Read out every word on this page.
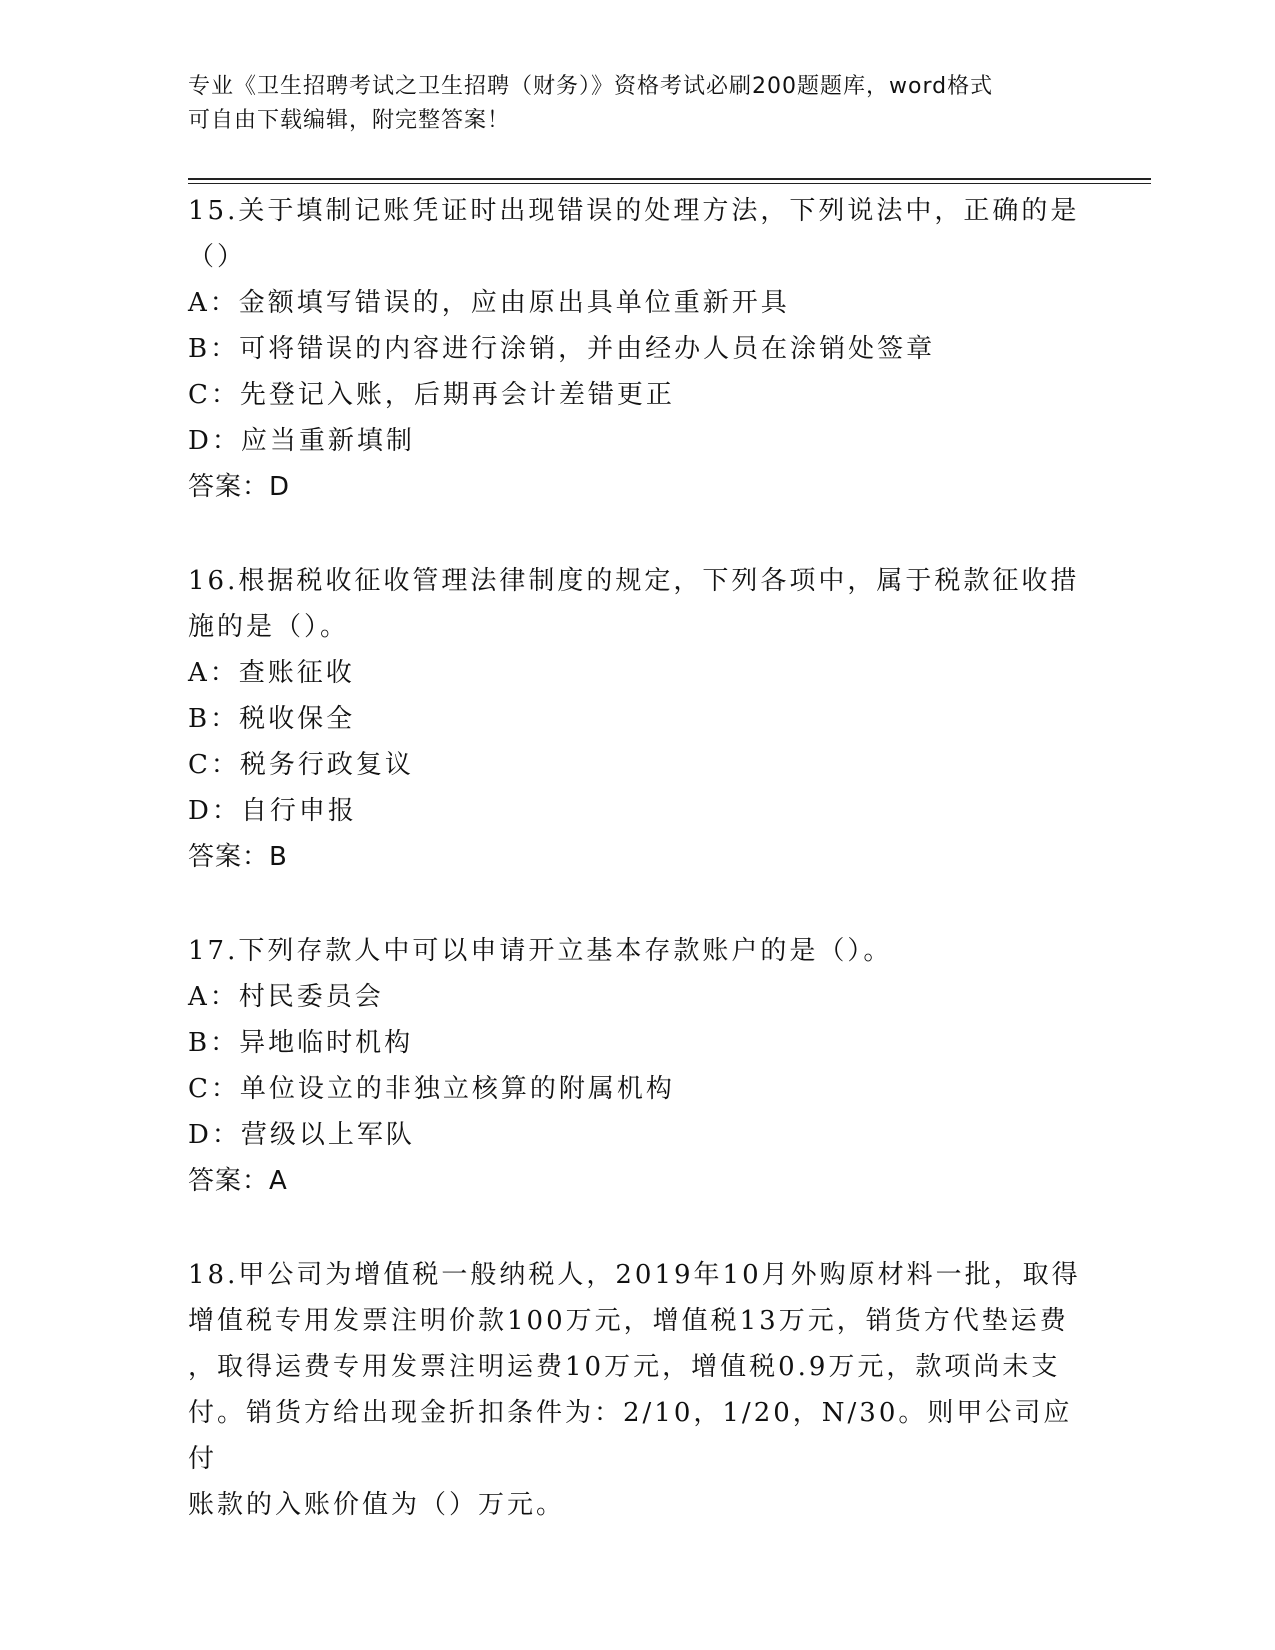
专业《卫生招聘考试之卫生招聘（财务）》资格考试必刷200题题库，word格式
可自由下载编辑，附完整答案！

15.关于填制记账凭证时出现错误的处理方法，下列说法中，正确的是

（）

A：金额填写错误的，应由原出具单位重新开具

B：可将错误的内容进行涂销，并由经办人员在涂销处签章

C：先登记入账，后期再会计差错更正

D：应当重新填制

答案：D

16.根据税收征收管理法律制度的规定，下列各项中，属于税款征收措

施的是（）。

A：查账征收

B：税收保全

C：税务行政复议

D：自行申报

答案：B

17.下列存款人中可以申请开立基本存款账户的是（）。

A：村民委员会

B：异地临时机构

C：单位设立的非独立核算的附属机构

D：营级以上军队

答案：A

18.甲公司为增值税一般纳税人，2019年10月外购原材料一批，取得

增值税专用发票注明价款100万元，增值税13万元，销货方代垫运费

，取得运费专用发票注明运费10万元，增值税0.9万元，款项尚未支

付。销货方给出现金折扣条件为：2/10，1/20，N/30。则甲公司应付

账款的入账价值为（）万元。
